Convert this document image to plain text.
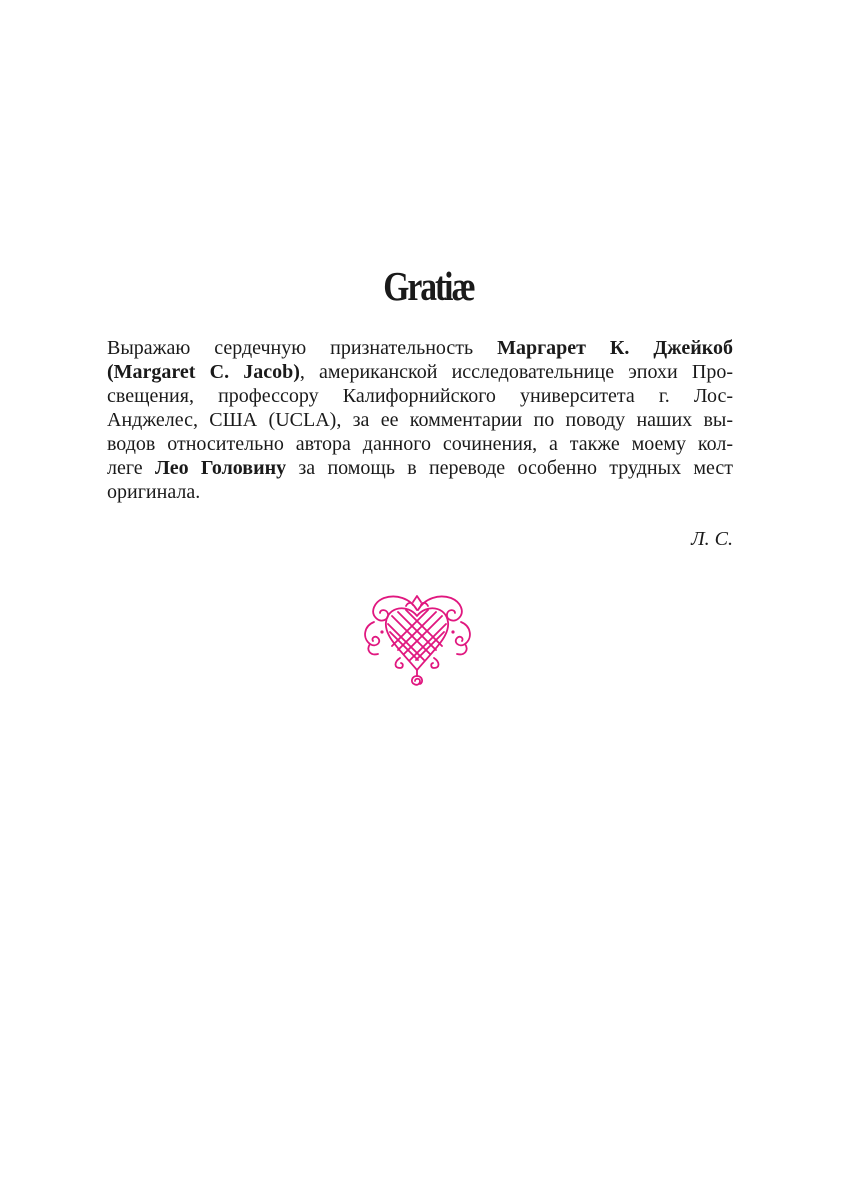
Gratiæ

Выражаю сердечную признательность Маргарет К. Джейкоб
(Margaret C. Jacob), американской исследовательнице эпохи Про-
свещения, профессору Калифорнийского университета г. Лос-
Анджелес, США (UCLA), за ее комментарии по поводу наших вы-
водов относительно автора данного сочинения, а также моему кол-
леге Лео Головину за помощь в переводе особенно трудных мест
оригинала.

Л. С.
